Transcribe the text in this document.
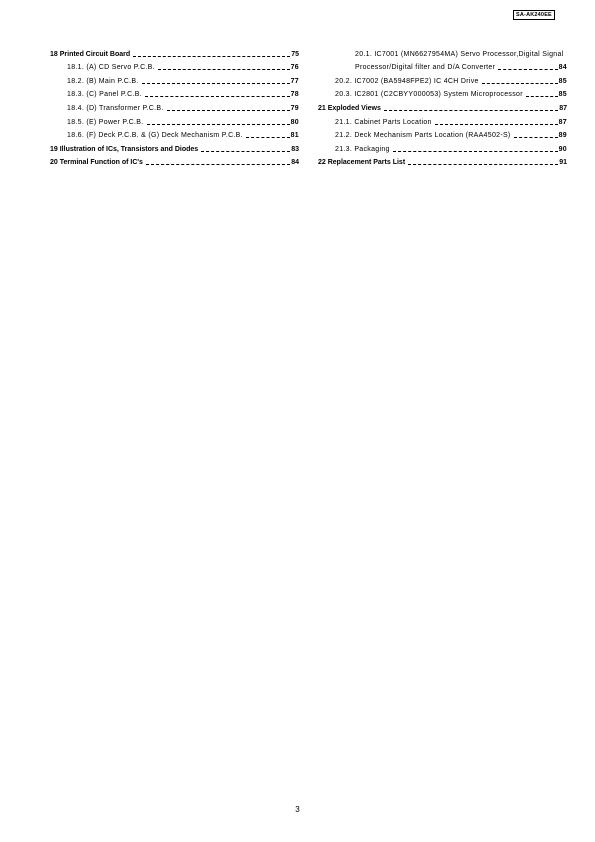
SA-AK240EE
18 Printed Circuit Board	75
18.1. (A) CD Servo P.C.B.	76
18.2. (B) Main P.C.B.	77
18.3. (C) Panel P.C.B.	78
18.4. (D) Transformer P.C.B.	79
18.5. (E) Power P.C.B.	80
18.6. (F) Deck P.C.B. & (G) Deck Mechanism P.C.B.	81
19 Illustration of ICs, Transistors and Diodes	83
20 Terminal Function of IC's	84
20.1. IC7001 (MN6627954MA) Servo Processor,Digital Signal
Processor/Digital filter and D/A Converter	84
20.2. IC7002 (BA5948FPE2) IC 4CH Drive	85
20.3. IC2801 (C2CBYY000053) System Microprocessor	85
21 Exploded Views	87
21.1. Cabinet Parts Location	87
21.2. Deck Mechanism Parts Location (RAA4502-S)	89
21.3. Packaging	90
22 Replacement Parts List	91
3
